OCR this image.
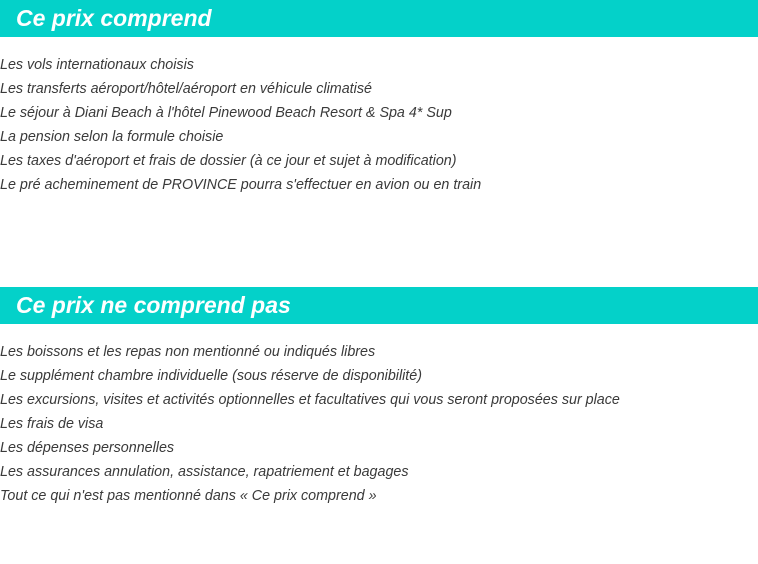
Ce prix comprend
Les vols internationaux choisis
Les transferts aéroport/hôtel/aéroport en véhicule climatisé
Le séjour à Diani Beach à l'hôtel Pinewood Beach Resort & Spa 4* Sup
La pension selon la formule choisie
Les taxes d'aéroport et frais de dossier (à ce jour et sujet à modification)
Le pré acheminement de PROVINCE pourra s'effectuer en avion ou en train
Ce prix ne comprend pas
Les boissons et les repas non mentionné ou indiqués libres
Le supplément chambre individuelle (sous réserve de disponibilité)
Les excursions, visites et activités optionnelles et facultatives qui vous seront proposées sur place
Les frais de visa
Les dépenses personnelles
Les assurances annulation, assistance, rapatriement et bagages
Tout ce qui n'est pas mentionné dans « Ce prix comprend »
